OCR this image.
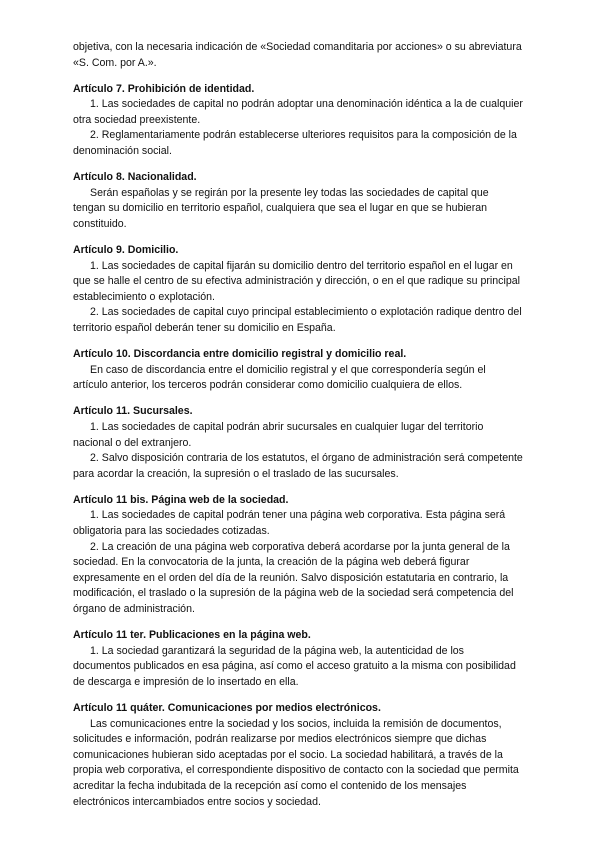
objetiva, con la necesaria indicación de «Sociedad comanditaria por acciones» o su abreviatura «S. Com. por A.».

Artículo 7. Prohibición de identidad.

1. Las sociedades de capital no podrán adoptar una denominación idéntica a la de cualquier otra sociedad preexistente.

2. Reglamentariamente podrán establecerse ulteriores requisitos para la composición de la denominación social.

Artículo 8. Nacionalidad.

Serán españolas y se regirán por la presente ley todas las sociedades de capital que tengan su domicilio en territorio español, cualquiera que sea el lugar en que se hubieran constituido.

Artículo 9. Domicilio.

1. Las sociedades de capital fijarán su domicilio dentro del territorio español en el lugar en que se halle el centro de su efectiva administración y dirección, o en el que radique su principal establecimiento o explotación.

2. Las sociedades de capital cuyo principal establecimiento o explotación radique dentro del territorio español deberán tener su domicilio en España.

Artículo 10. Discordancia entre domicilio registral y domicilio real.

En caso de discordancia entre el domicilio registral y el que correspondería según el artículo anterior, los terceros podrán considerar como domicilio cualquiera de ellos.

Artículo 11. Sucursales.

1. Las sociedades de capital podrán abrir sucursales en cualquier lugar del territorio nacional o del extranjero.

2. Salvo disposición contraria de los estatutos, el órgano de administración será competente para acordar la creación, la supresión o el traslado de las sucursales.

Artículo 11 bis. Página web de la sociedad.

1. Las sociedades de capital podrán tener una página web corporativa. Esta página será obligatoria para las sociedades cotizadas.

2. La creación de una página web corporativa deberá acordarse por la junta general de la sociedad. En la convocatoria de la junta, la creación de la página web deberá figurar expresamente en el orden del día de la reunión. Salvo disposición estatutaria en contrario, la modificación, el traslado o la supresión de la página web de la sociedad será competencia del órgano de administración.

Artículo 11 ter. Publicaciones en la página web.

1. La sociedad garantizará la seguridad de la página web, la autenticidad de los documentos publicados en esa página, así como el acceso gratuito a la misma con posibilidad de descarga e impresión de lo insertado en ella.

Artículo 11 quáter. Comunicaciones por medios electrónicos.

Las comunicaciones entre la sociedad y los socios, incluida la remisión de documentos, solicitudes e información, podrán realizarse por medios electrónicos siempre que dichas comunicaciones hubieran sido aceptadas por el socio. La sociedad habilitará, a través de la propia web corporativa, el correspondiente dispositivo de contacto con la sociedad que permita acreditar la fecha indubitada de la recepción así como el contenido de los mensajes electrónicos intercambiados entre socios y sociedad.
